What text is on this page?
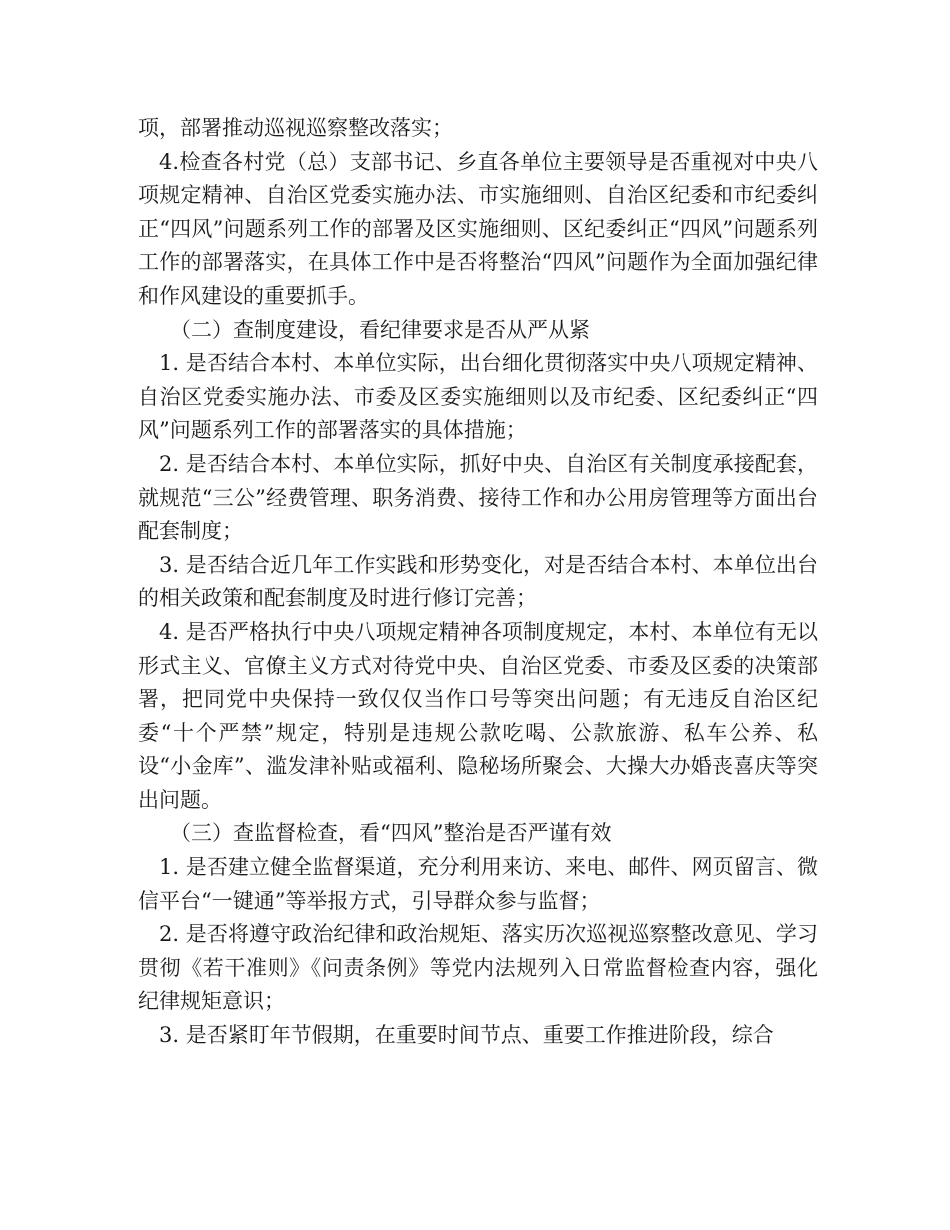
项，部署推动巡视巡察整改落实；

4.检查各村党（总）支部书记、乡直各单位主要领导是否重视对中央八项规定精神、自治区党委实施办法、市实施细则、自治区纪委和市纪委纠正“四风”问题系列工作的部署及区实施细则、区纪委纠正“四风”问题系列工作的部署落实，在具体工作中是否将整治“四风”问题作为全面加强纪律和作风建设的重要抓手。

（二）查制度建设，看纪律要求是否从严从紧

1. 是否结合本村、本单位实际，出台细化贯彻落实中央八项规定精神、自治区党委实施办法、市委及区委实施细则以及市纪委、区纪委纠正“四风”问题系列工作的部署落实的具体措施；

2. 是否结合本村、本单位实际，抓好中央、自治区有关制度承接配套，就规范“三公”经费管理、职务消费、接待工作和办公用房管理等方面出台配套制度；

3. 是否结合近几年工作实践和形势变化，对是否结合本村、本单位出台的相关政策和配套制度及时进行修订完善；

4. 是否严格执行中央八项规定精神各项制度规定，本村、本单位有无以形式主义、官僚主义方式对待党中央、自治区党委、市委及区委的决策部署，把同党中央保持一致仅仅当作口号等突出问题；有无违反自治区纪委“十个严禁”规定，特别是违规公款吃喝、公款旅游、私车公养、私设“小金库”、滥发津补贴或福利、隐秘场所聚会、大操大办婚丧喜庆等突出问题。

（三）查监督检查，看“四风”整治是否严谨有效

1. 是否建立健全监督渠道，充分利用来访、来电、邮件、网页留言、微信平台“一键通”等举报方式，引导群众参与监督；

2. 是否将遵守政治纪律和政治规矩、落实历次巡视巡察整改意见、学习贯彻《若干准则》《问责条例》等党内法规列入日常监督检查内容，强化纪律规矩意识；

3. 是否紧盯年节假期，在重要时间节点、重要工作推进阶段，综合
